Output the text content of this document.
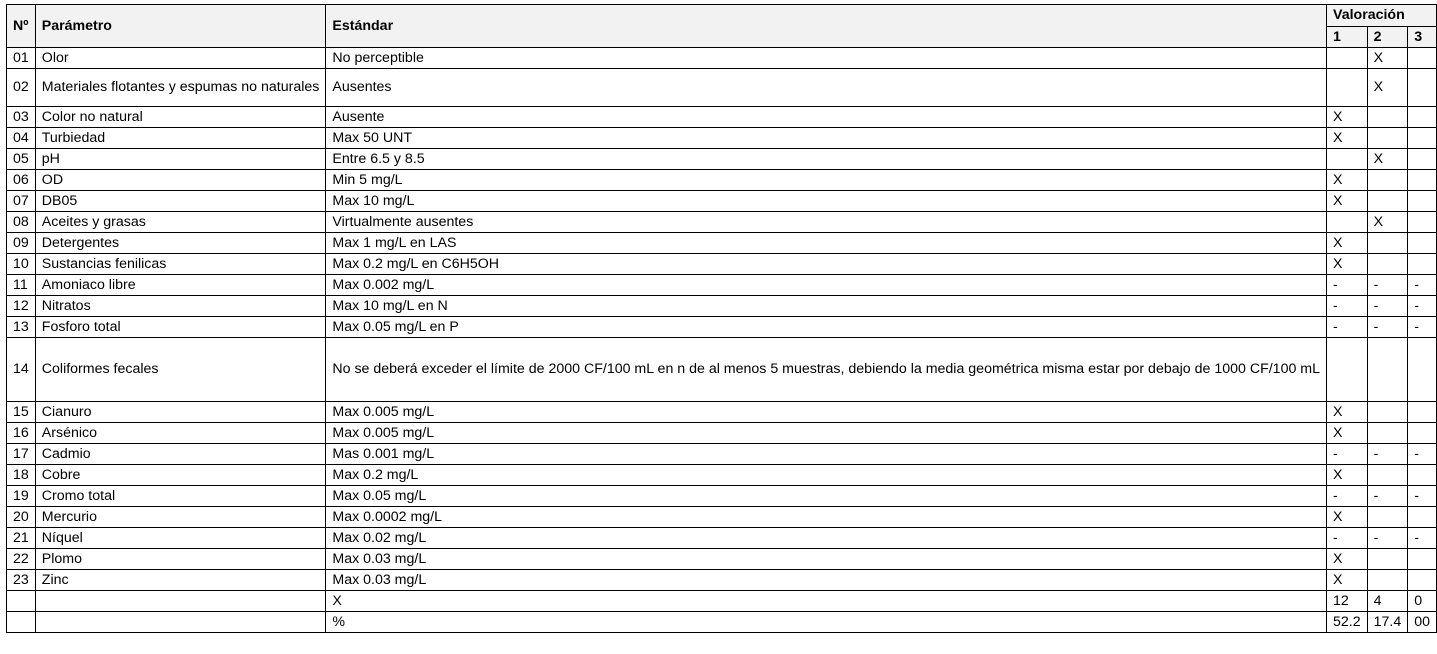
Nº	Parámetro	Estándar	Valoración		
			1	2	3
01	Olor	No perceptible		X	
02	Materiales flotantes y espumas no naturales	Ausentes		X	
03	Color no natural	Ausente	X		
04	Turbiedad	Max 50 UNT	X		
05	pH	Entre 6.5 y 8.5		X	
06	OD	Min 5 mg/L	X		
07	DB05	Max 10 mg/L	X		
08	Aceites y grasas	Virtualmente ausentes		X	
09	Detergentes	Max 1 mg/L en LAS	X		
10	Sustancias fenilicas	Max 0.2 mg/L en C6H5OH	X		
11	Amoniaco libre	Max 0.002 mg/L	-	-	-
12	Nitratos	Max 10 mg/L en N	-	-	-
13	Fosforo total	Max 0.05 mg/L en P	-	-	-
14	Coliformes fecales	No se deberá exceder el límite de 2000 CF/100 mL en n de al menos 5 muestras, debiendo la media geométrica misma estar por debajo de 1000 CF/100 mL			
15	Cianuro	Max 0.005 mg/L	X		
16	Arsénico	Max 0.005 mg/L	X		
17	Cadmio	Mas 0.001 mg/L	-	-	-
18	Cobre	Max 0.2 mg/L	X		
19	Cromo total	Max 0.05 mg/L	-	-	-
20	Mercurio	Max 0.0002 mg/L	X		
21	Níquel	Max 0.02 mg/L	-	-	-
22	Plomo	Max 0.03 mg/L	X		
23	Zinc	Max 0.03 mg/L	X		
		X	12	4	0
		%	52.2	17.4	00
